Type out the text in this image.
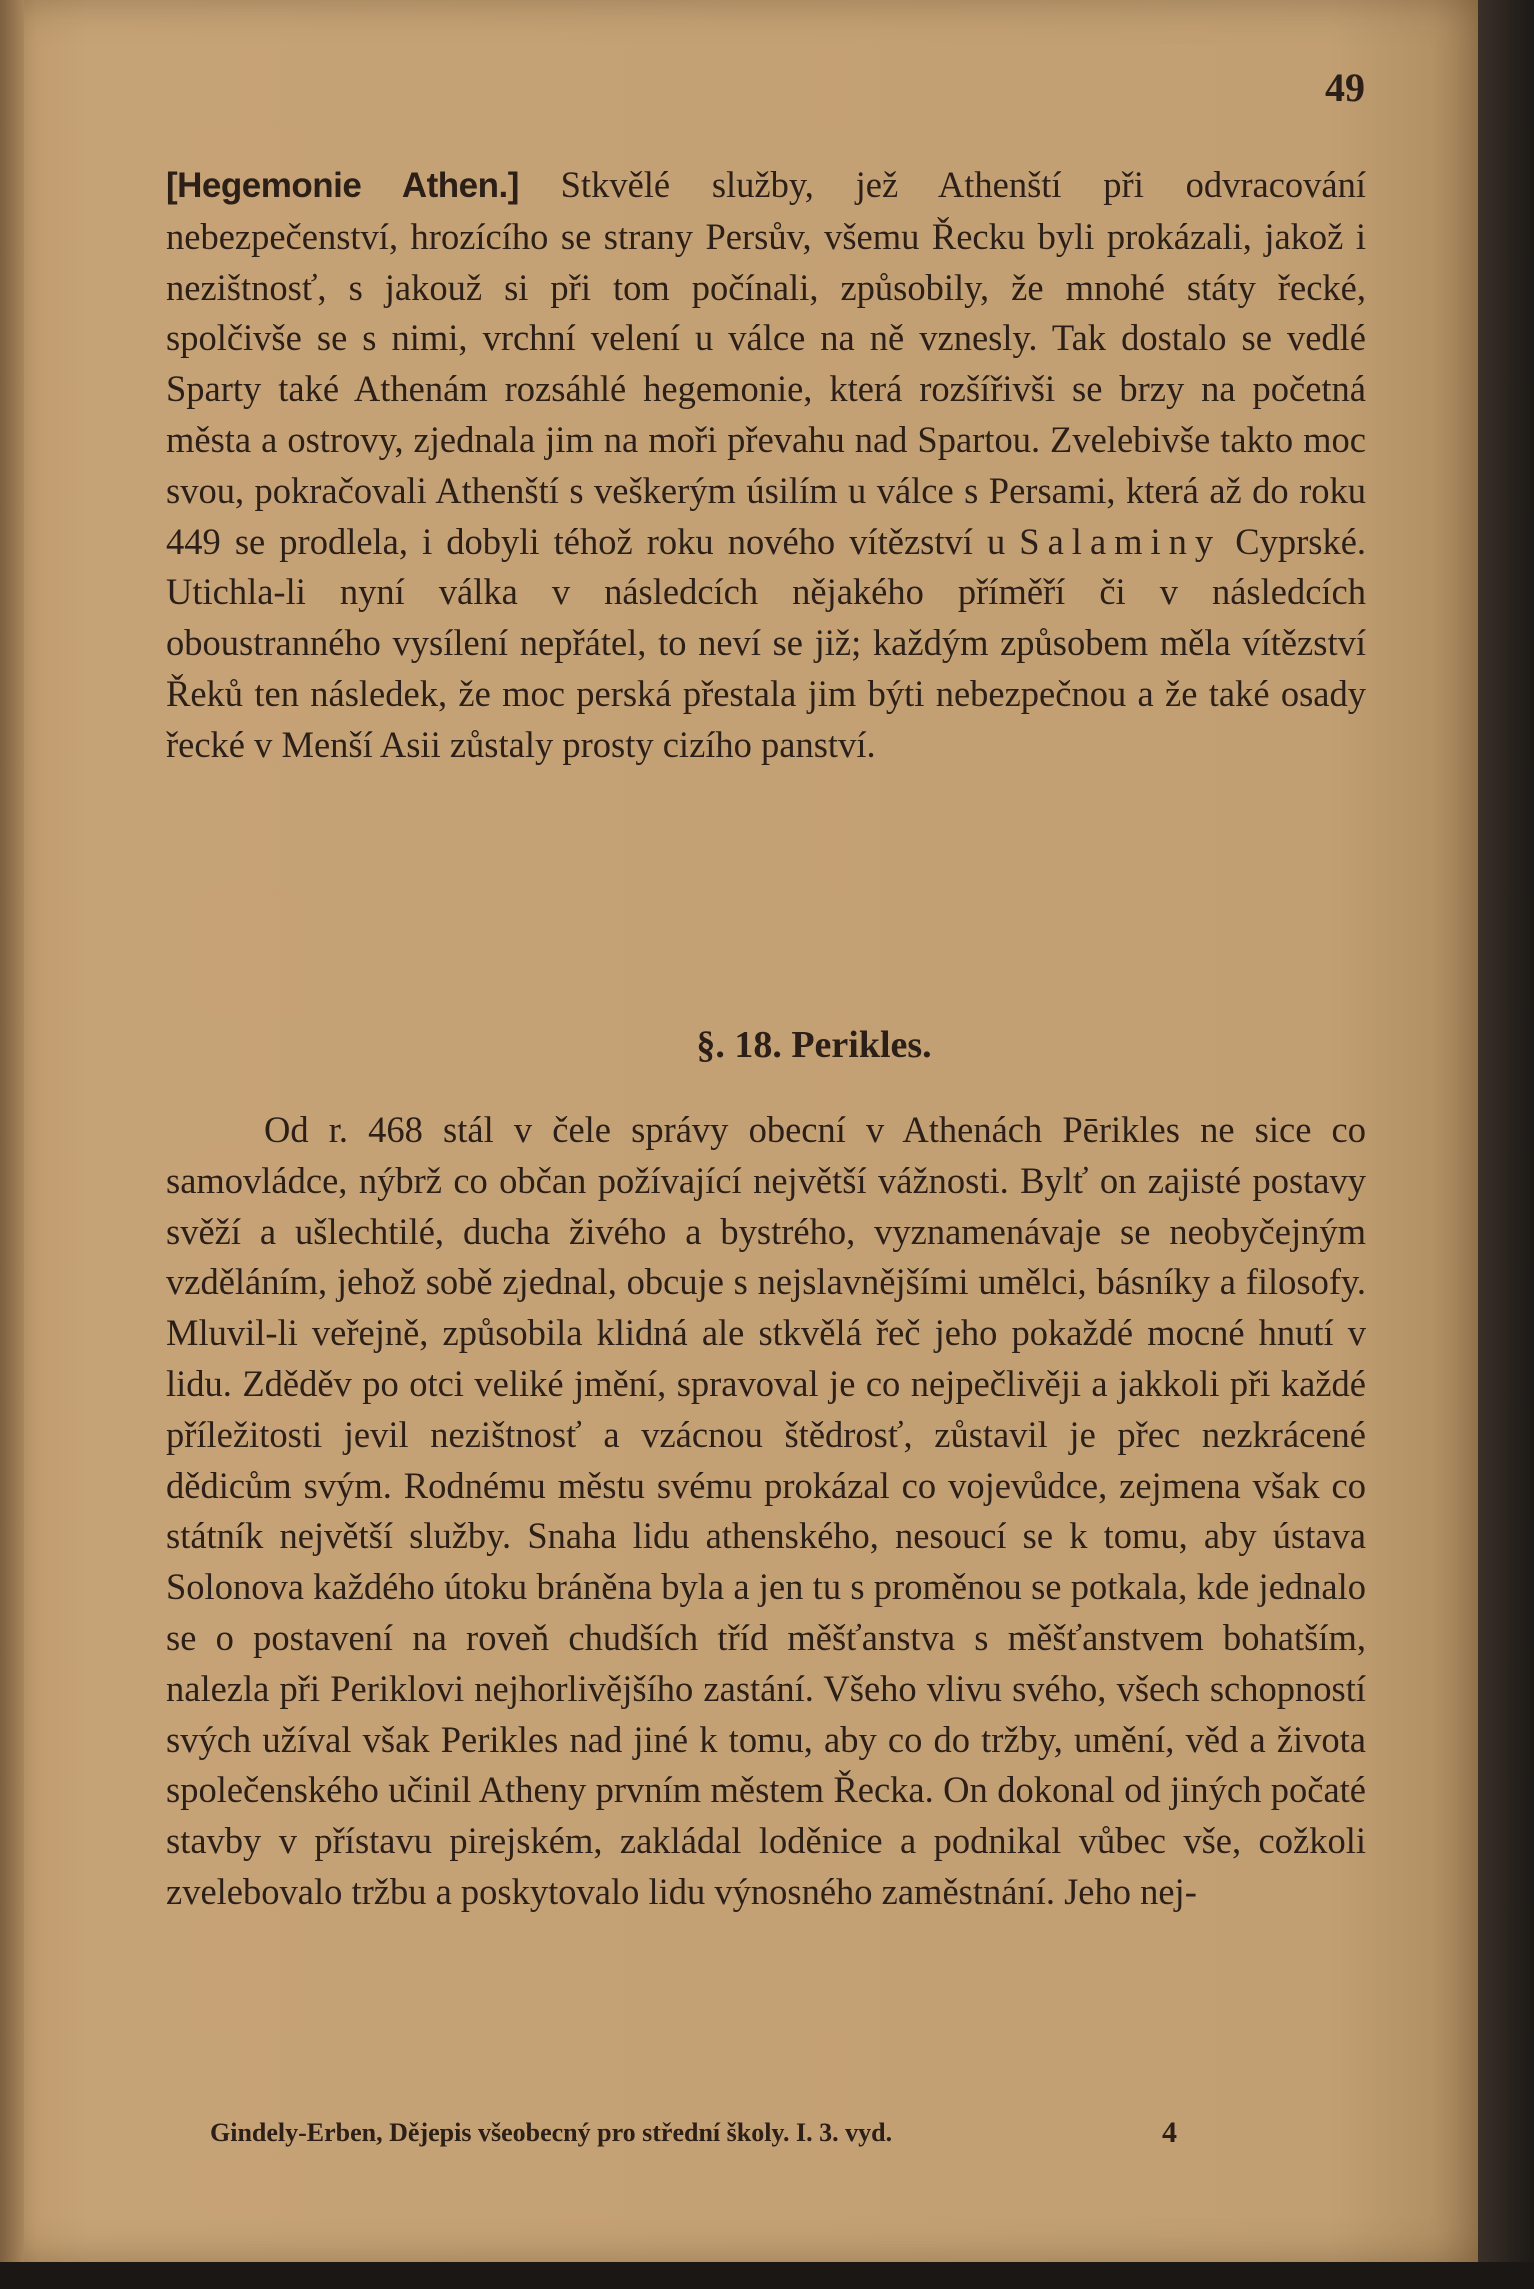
49

[Hegemonie Athen.] Stkvělé služby, jež Athenští při odvracování nebezpečenství, hrozícího se strany Persův, všemu Řecku byli prokázali, jakož i nezištnosť, s jakouž si při tom počínali, způsobily, že mnohé státy řecké, spolčivše se s nimi, vrchní velení u válce na ně vznesly. Tak dostalo se vedlé Sparty také Athenám rozsáhlé hegemonie, která rozšířivši se brzy na početná města a ostrovy, zjednala jim na moři převahu nad Spartou. Zvelebivše takto moc svou, pokračovali Athenští s veškerým úsilím u válce s Persami, která až do roku 449 se prodlela, i dobyli téhož roku nového vítězství u Salaminy Cyprské. Utichla-li nyní válka v následcích nějakého příměří či v následcích oboustranného vysílení nepřátel, to neví se již; každým způsobem měla vítězství Řeků ten následek, že moc perská přestala jim býti nebezpečnou a že také osady řecké v Menší Asii zůstaly prosty cizího panství.

§. 18. Perikles.

Od r. 468 stál v čele správy obecní v Athenách Pērikles ne sice co samovládce, nýbrž co občan požívající největší vážnosti. Bylť on zajisté postavy svěží a ušlechtilé, ducha živého a bystrého, vyznamenávaje se neobyčejným vzděláním, jehož sobě zjednal, obcuje s nejslavnějšími umělci, básníky a filosofy. Mluvil-li veřejně, způsobila klidná ale stkvělá řeč jeho pokaždé mocné hnutí v lidu. Zděděv po otci veliké jmění, spravoval je co nejpečlivěji a jakkoli při každé příležitosti jevil nezištnosť a vzácnou štědrosť, zůstavil je přec nezkrácené dědicům svým. Rodnému městu svému prokázal co vojevůdce, zejmena však co státník největší služby. Snaha lidu athenského, nesoucí se k tomu, aby ústava Solonova každého útoku bráněna byla a jen tu s proměnou se potkala, kde jednalo se o postavení na roveň chudších tříd měšťanstva s měšťanstvem bohatším, nalezla při Periklovi nejhorlivějšího zastání. Všeho vlivu svého, všech schopností svých užíval však Perikles nad jiné k tomu, aby co do tržby, umění, věd a života společenského učinil Atheny prvním městem Řecka. On dokonal od jiných počaté stavby v přístavu pirejském, zakládal loděnice a podnikal vůbec vše, cožkoli zvelebovalo tržbu a poskytovalo lidu výnosného zaměstnání. Jeho nej-

Gindely-Erben, Dějepis všeobecný pro střední školy. I. 3. vyd.	4
